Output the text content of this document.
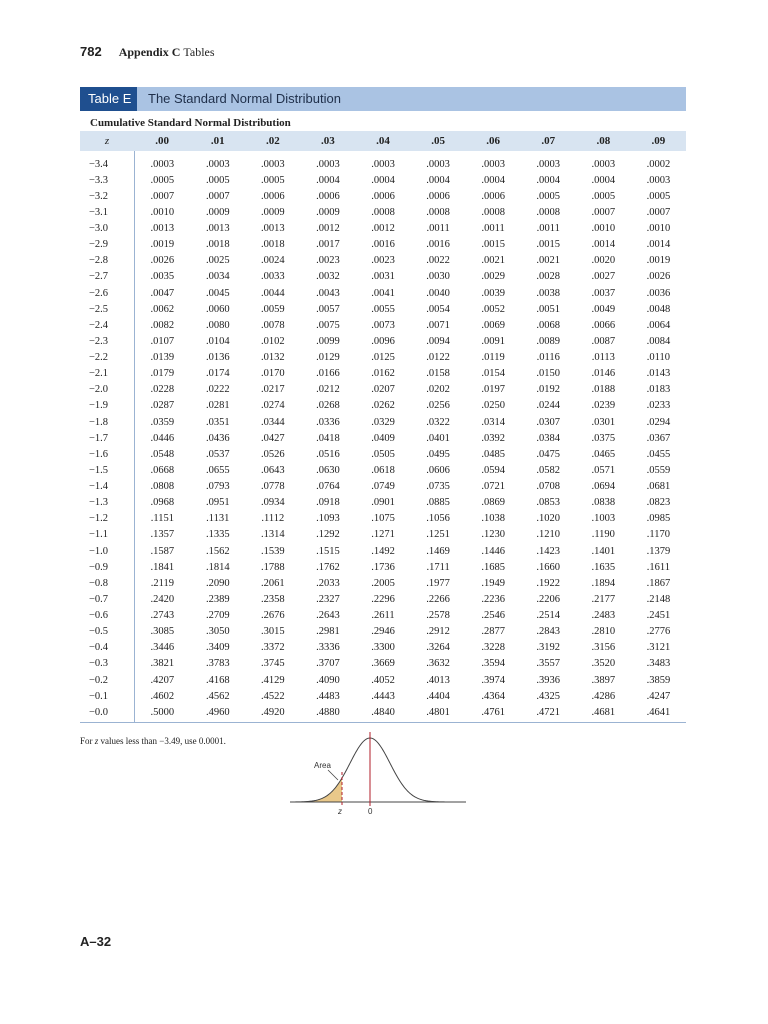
782 Appendix C Tables
Table E	The Standard Normal Distribution
Cumulative Standard Normal Distribution
z	.00	.01	.02	.03	.04	.05	.06	.07	.08	.09
−3.4	.0003	.0003	.0003	.0003	.0003	.0003	.0003	.0003	.0003	.0002
−3.3	.0005	.0005	.0005	.0004	.0004	.0004	.0004	.0004	.0004	.0003
−3.2	.0007	.0007	.0006	.0006	.0006	.0006	.0006	.0005	.0005	.0005
−3.1	.0010	.0009	.0009	.0009	.0008	.0008	.0008	.0008	.0007	.0007
−3.0	.0013	.0013	.0013	.0012	.0012	.0011	.0011	.0011	.0010	.0010
−2.9	.0019	.0018	.0018	.0017	.0016	.0016	.0015	.0015	.0014	.0014
−2.8	.0026	.0025	.0024	.0023	.0023	.0022	.0021	.0021	.0020	.0019
−2.7	.0035	.0034	.0033	.0032	.0031	.0030	.0029	.0028	.0027	.0026
−2.6	.0047	.0045	.0044	.0043	.0041	.0040	.0039	.0038	.0037	.0036
−2.5	.0062	.0060	.0059	.0057	.0055	.0054	.0052	.0051	.0049	.0048
−2.4	.0082	.0080	.0078	.0075	.0073	.0071	.0069	.0068	.0066	.0064
−2.3	.0107	.0104	.0102	.0099	.0096	.0094	.0091	.0089	.0087	.0084
−2.2	.0139	.0136	.0132	.0129	.0125	.0122	.0119	.0116	.0113	.0110
−2.1	.0179	.0174	.0170	.0166	.0162	.0158	.0154	.0150	.0146	.0143
−2.0	.0228	.0222	.0217	.0212	.0207	.0202	.0197	.0192	.0188	.0183
−1.9	.0287	.0281	.0274	.0268	.0262	.0256	.0250	.0244	.0239	.0233
−1.8	.0359	.0351	.0344	.0336	.0329	.0322	.0314	.0307	.0301	.0294
−1.7	.0446	.0436	.0427	.0418	.0409	.0401	.0392	.0384	.0375	.0367
−1.6	.0548	.0537	.0526	.0516	.0505	.0495	.0485	.0475	.0465	.0455
−1.5	.0668	.0655	.0643	.0630	.0618	.0606	.0594	.0582	.0571	.0559
−1.4	.0808	.0793	.0778	.0764	.0749	.0735	.0721	.0708	.0694	.0681
−1.3	.0968	.0951	.0934	.0918	.0901	.0885	.0869	.0853	.0838	.0823
−1.2	.1151	.1131	.1112	.1093	.1075	.1056	.1038	.1020	.1003	.0985
−1.1	.1357	.1335	.1314	.1292	.1271	.1251	.1230	.1210	.1190	.1170
−1.0	.1587	.1562	.1539	.1515	.1492	.1469	.1446	.1423	.1401	.1379
−0.9	.1841	.1814	.1788	.1762	.1736	.1711	.1685	.1660	.1635	.1611
−0.8	.2119	.2090	.2061	.2033	.2005	.1977	.1949	.1922	.1894	.1867
−0.7	.2420	.2389	.2358	.2327	.2296	.2266	.2236	.2206	.2177	.2148
−0.6	.2743	.2709	.2676	.2643	.2611	.2578	.2546	.2514	.2483	.2451
−0.5	.3085	.3050	.3015	.2981	.2946	.2912	.2877	.2843	.2810	.2776
−0.4	.3446	.3409	.3372	.3336	.3300	.3264	.3228	.3192	.3156	.3121
−0.3	.3821	.3783	.3745	.3707	.3669	.3632	.3594	.3557	.3520	.3483
−0.2	.4207	.4168	.4129	.4090	.4052	.4013	.3974	.3936	.3897	.3859
−0.1	.4602	.4562	.4522	.4483	.4443	.4404	.4364	.4325	.4286	.4247
−0.0	.5000	.4960	.4920	.4880	.4840	.4801	.4761	.4721	.4681	.4641
For z values less than −3.49, use 0.0001.
Area
z	0
A–32
